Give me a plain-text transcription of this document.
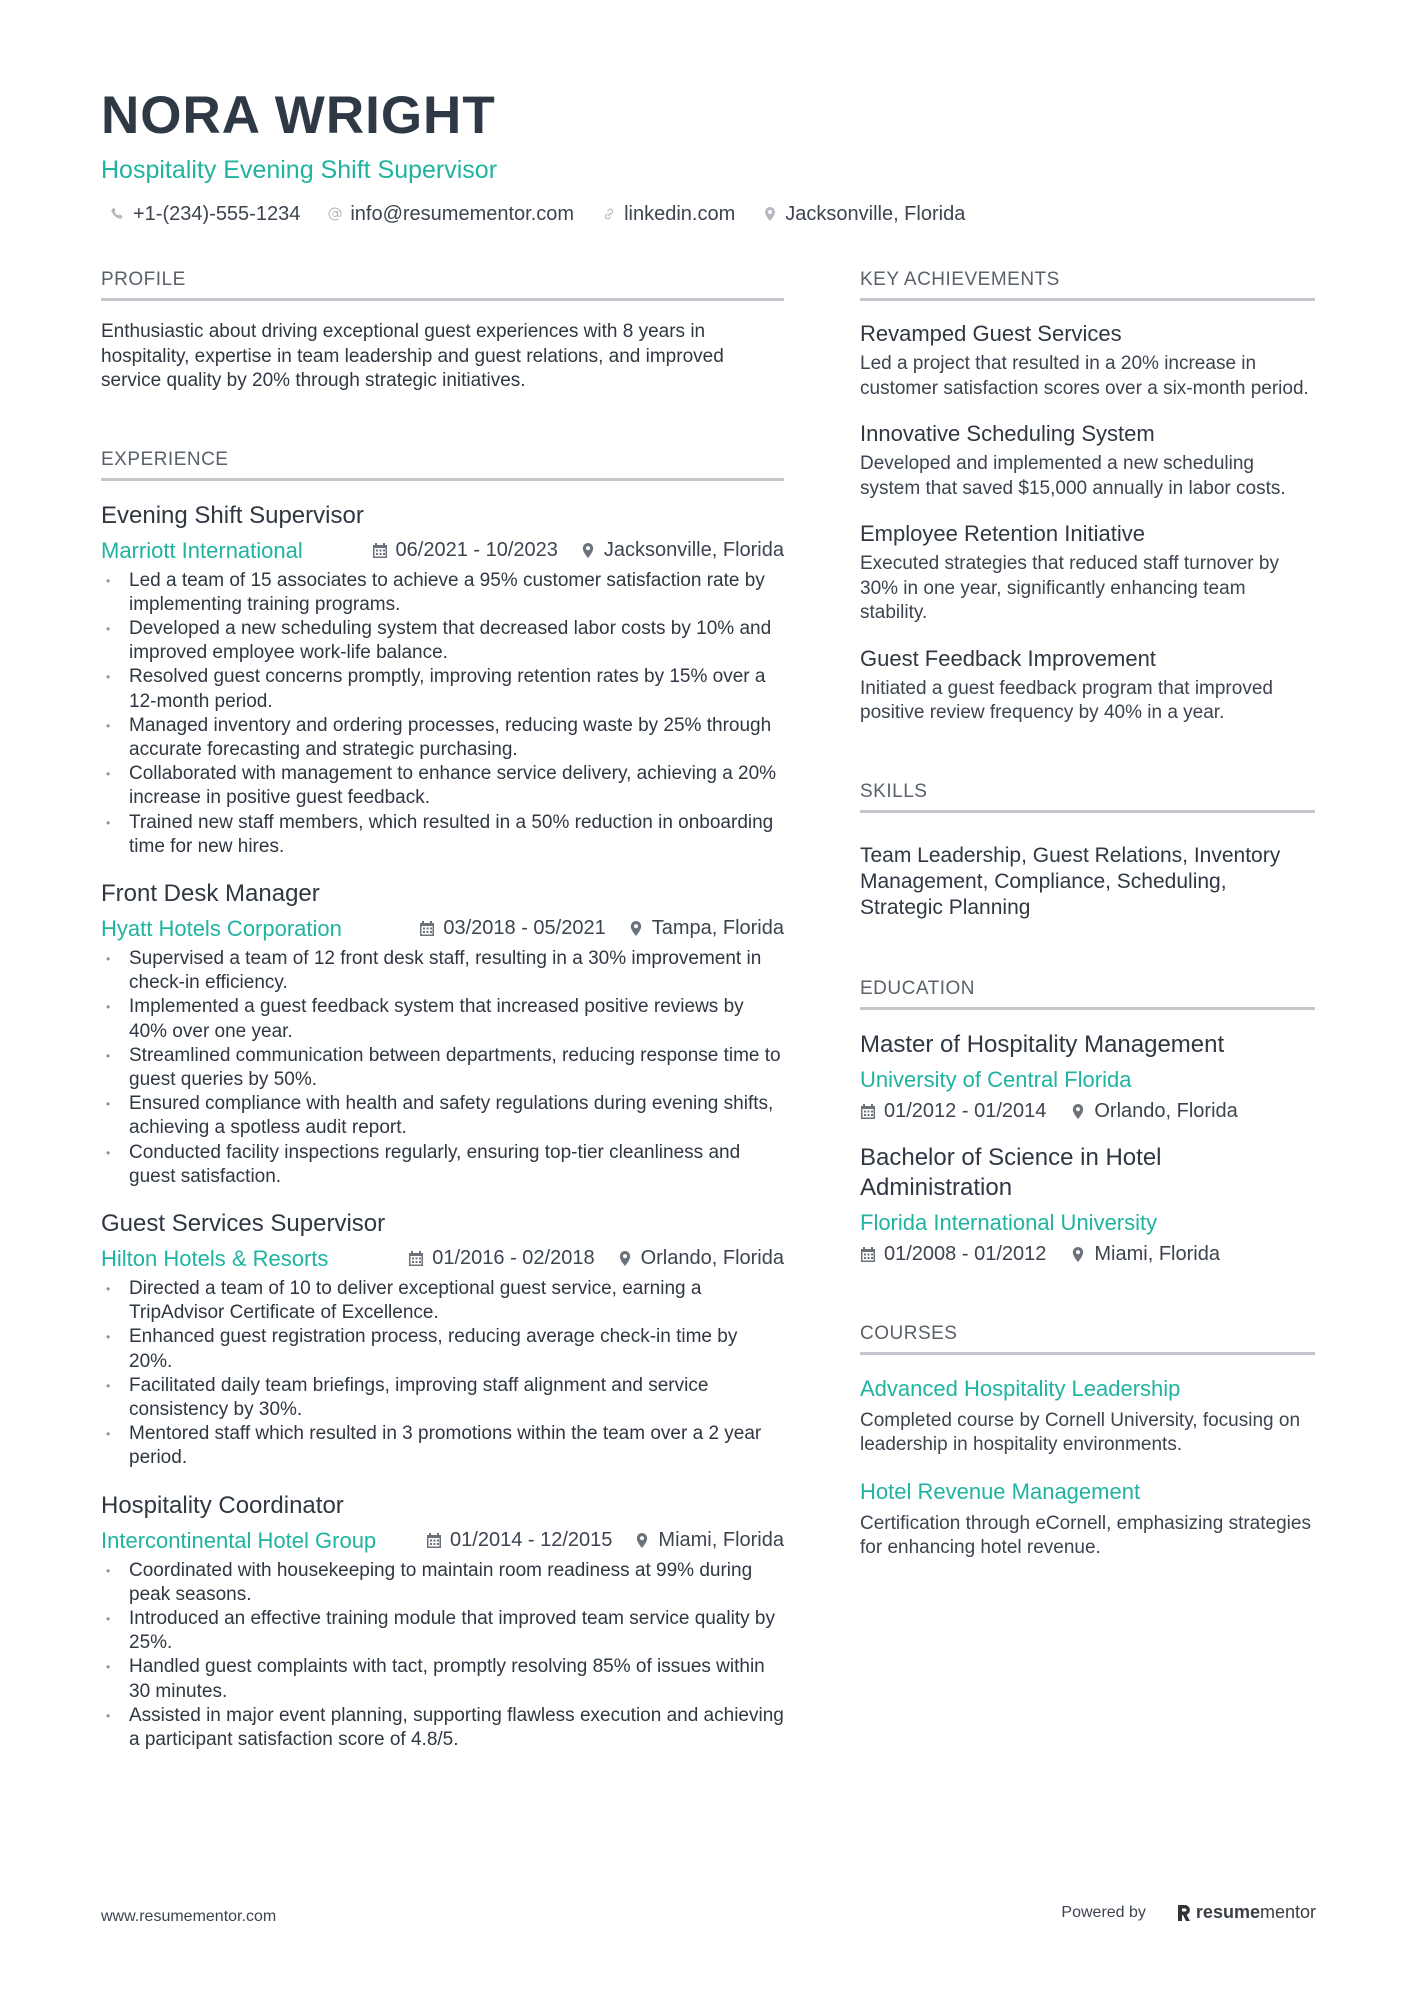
NORA WRIGHT
Hospitality Evening Shift Supervisor
+1-(234)-555-1234	info@resumementor.com	linkedin.com	Jacksonville, Florida
PROFILE
Enthusiastic about driving exceptional guest experiences with 8 years in hospitality, expertise in team leadership and guest relations, and improved service quality by 20% through strategic initiatives.
EXPERIENCE
Evening Shift Supervisor
Marriott International	06/2021 - 10/2023 Jacksonville, Florida
• Led a team of 15 associates to achieve a 95% customer satisfaction rate by implementing training programs.
• Developed a new scheduling system that decreased labor costs by 10% and improved employee work-life balance.
• Resolved guest concerns promptly, improving retention rates by 15% over a 12-month period.
• Managed inventory and ordering processes, reducing waste by 25% through accurate forecasting and strategic purchasing.
• Collaborated with management to enhance service delivery, achieving a 20% increase in positive guest feedback.
• Trained new staff members, which resulted in a 50% reduction in onboarding time for new hires.
Front Desk Manager
Hyatt Hotels Corporation	03/2018 - 05/2021 Tampa, Florida
• Supervised a team of 12 front desk staff, resulting in a 30% improvement in check-in efficiency.
• Implemented a guest feedback system that increased positive reviews by 40% over one year.
• Streamlined communication between departments, reducing response time to guest queries by 50%.
• Ensured compliance with health and safety regulations during evening shifts, achieving a spotless audit report.
• Conducted facility inspections regularly, ensuring top-tier cleanliness and guest satisfaction.
Guest Services Supervisor
Hilton Hotels & Resorts	01/2016 - 02/2018 Orlando, Florida
• Directed a team of 10 to deliver exceptional guest service, earning a TripAdvisor Certificate of Excellence.
• Enhanced guest registration process, reducing average check-in time by 20%.
• Facilitated daily team briefings, improving staff alignment and service consistency by 30%.
• Mentored staff which resulted in 3 promotions within the team over a 2 year period.
Hospitality Coordinator
Intercontinental Hotel Group	01/2014 - 12/2015 Miami, Florida
• Coordinated with housekeeping to maintain room readiness at 99% during peak seasons.
• Introduced an effective training module that improved team service quality by 25%.
• Handled guest complaints with tact, promptly resolving 85% of issues within 30 minutes.
• Assisted in major event planning, supporting flawless execution and achieving a participant satisfaction score of 4.8/5.
KEY ACHIEVEMENTS
Revamped Guest Services
Led a project that resulted in a 20% increase in customer satisfaction scores over a six-month period.
Innovative Scheduling System
Developed and implemented a new scheduling system that saved $15,000 annually in labor costs.
Employee Retention Initiative
Executed strategies that reduced staff turnover by 30% in one year, significantly enhancing team stability.
Guest Feedback Improvement
Initiated a guest feedback program that improved positive review frequency by 40% in a year.
SKILLS
Team Leadership, Guest Relations, Inventory Management, Compliance, Scheduling, Strategic Planning
EDUCATION
Master of Hospitality Management
University of Central Florida
01/2012 - 01/2014 Orlando, Florida
Bachelor of Science in Hotel Administration
Florida International University
01/2008 - 01/2012 Miami, Florida
COURSES
Advanced Hospitality Leadership
Completed course by Cornell University, focusing on leadership in hospitality environments.
Hotel Revenue Management
Certification through eCornell, emphasizing strategies for enhancing hotel revenue.
www.resumementor.com	Powered by	resume mentor
